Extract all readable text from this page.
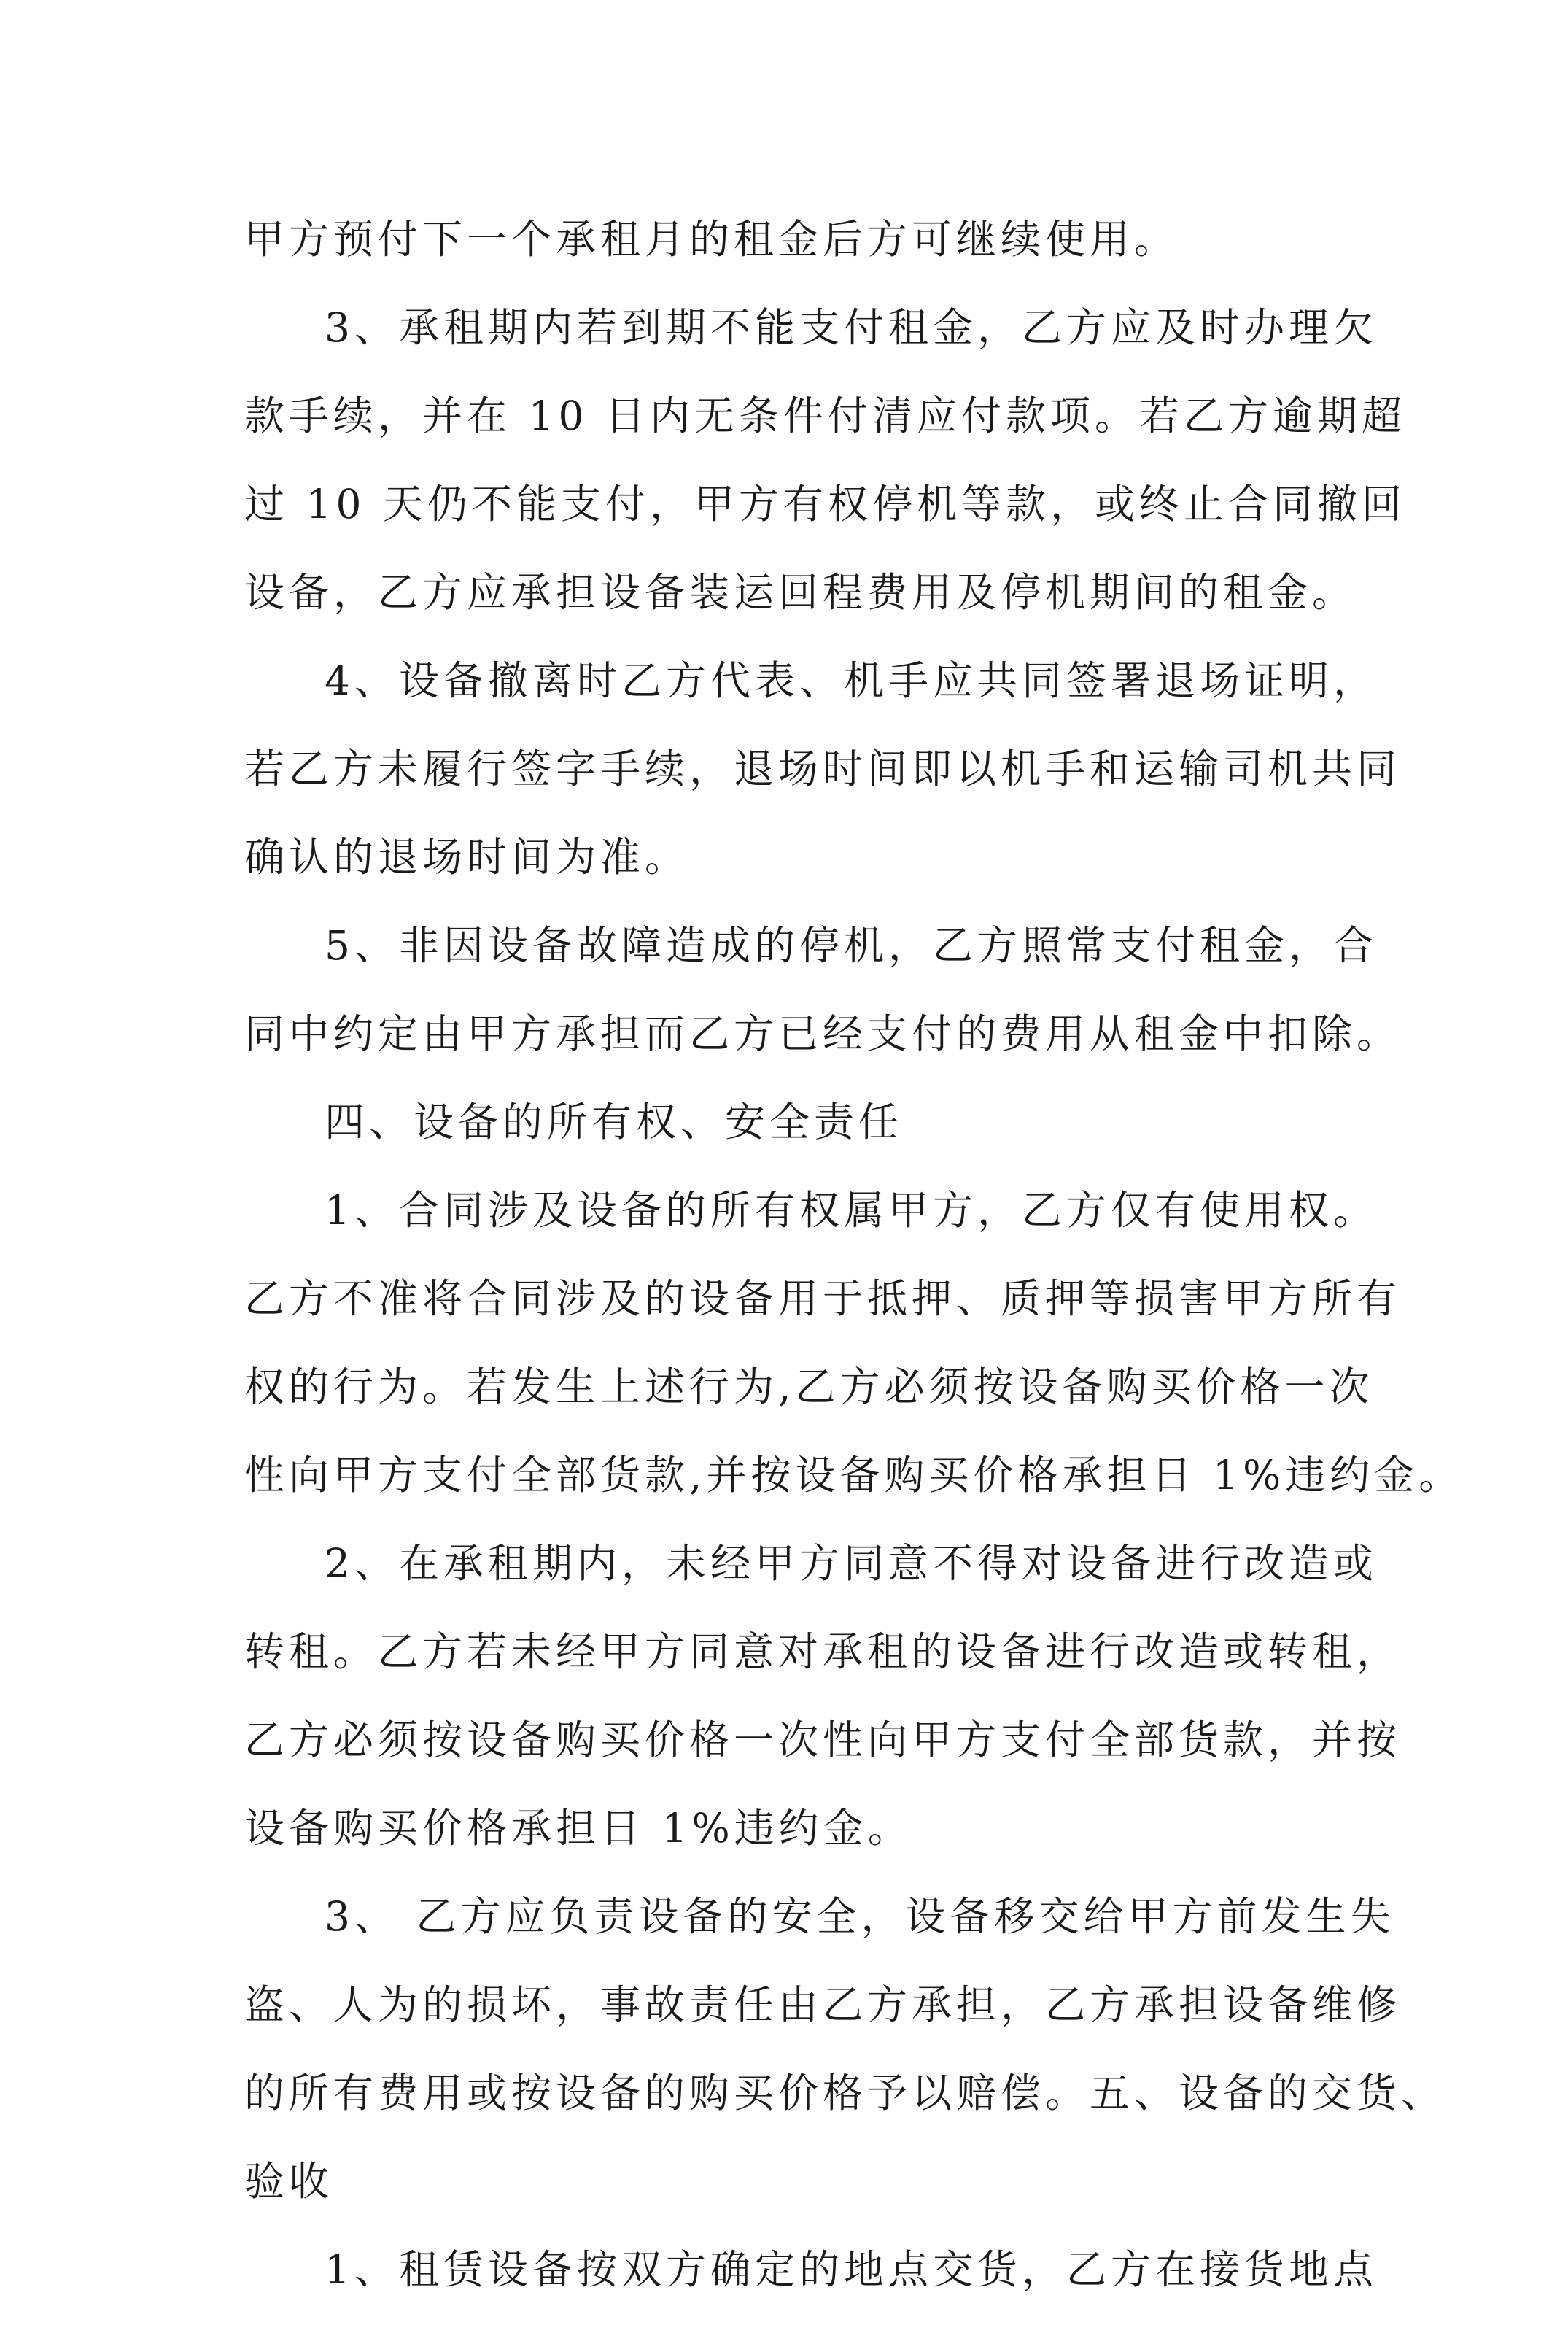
甲方预付下一个承租月的租金后方可继续使用。
3、承租期内若到期不能支付租金，乙方应及时办理欠
款手续，并在 10 日内无条件付清应付款项。若乙方逾期超
过 10 天仍不能支付，甲方有权停机等款，或终止合同撤回
设备，乙方应承担设备装运回程费用及停机期间的租金。
4、设备撤离时乙方代表、机手应共同签署退场证明，
若乙方未履行签字手续，退场时间即以机手和运输司机共同
确认的退场时间为准。
5、非因设备故障造成的停机，乙方照常支付租金，合
同中约定由甲方承担而乙方已经支付的费用从租金中扣除。
四、设备的所有权、安全责任
1、合同涉及设备的所有权属甲方，乙方仅有使用权。
乙方不准将合同涉及的设备用于抵押、质押等损害甲方所有
权的行为。若发生上述行为,乙方必须按设备购买价格一次
性向甲方支付全部货款,并按设备购买价格承担日 1%违约金。
2、在承租期内，未经甲方同意不得对设备进行改造或
转租。乙方若未经甲方同意对承租的设备进行改造或转租，
乙方必须按设备购买价格一次性向甲方支付全部货款，并按
设备购买价格承担日 1%违约金。
3、 乙方应负责设备的安全，设备移交给甲方前发生失
盗、人为的损坏，事故责任由乙方承担，乙方承担设备维修
的所有费用或按设备的购买价格予以赔偿。五、设备的交货、
验收
1、租赁设备按双方确定的地点交货，乙方在接货地点
